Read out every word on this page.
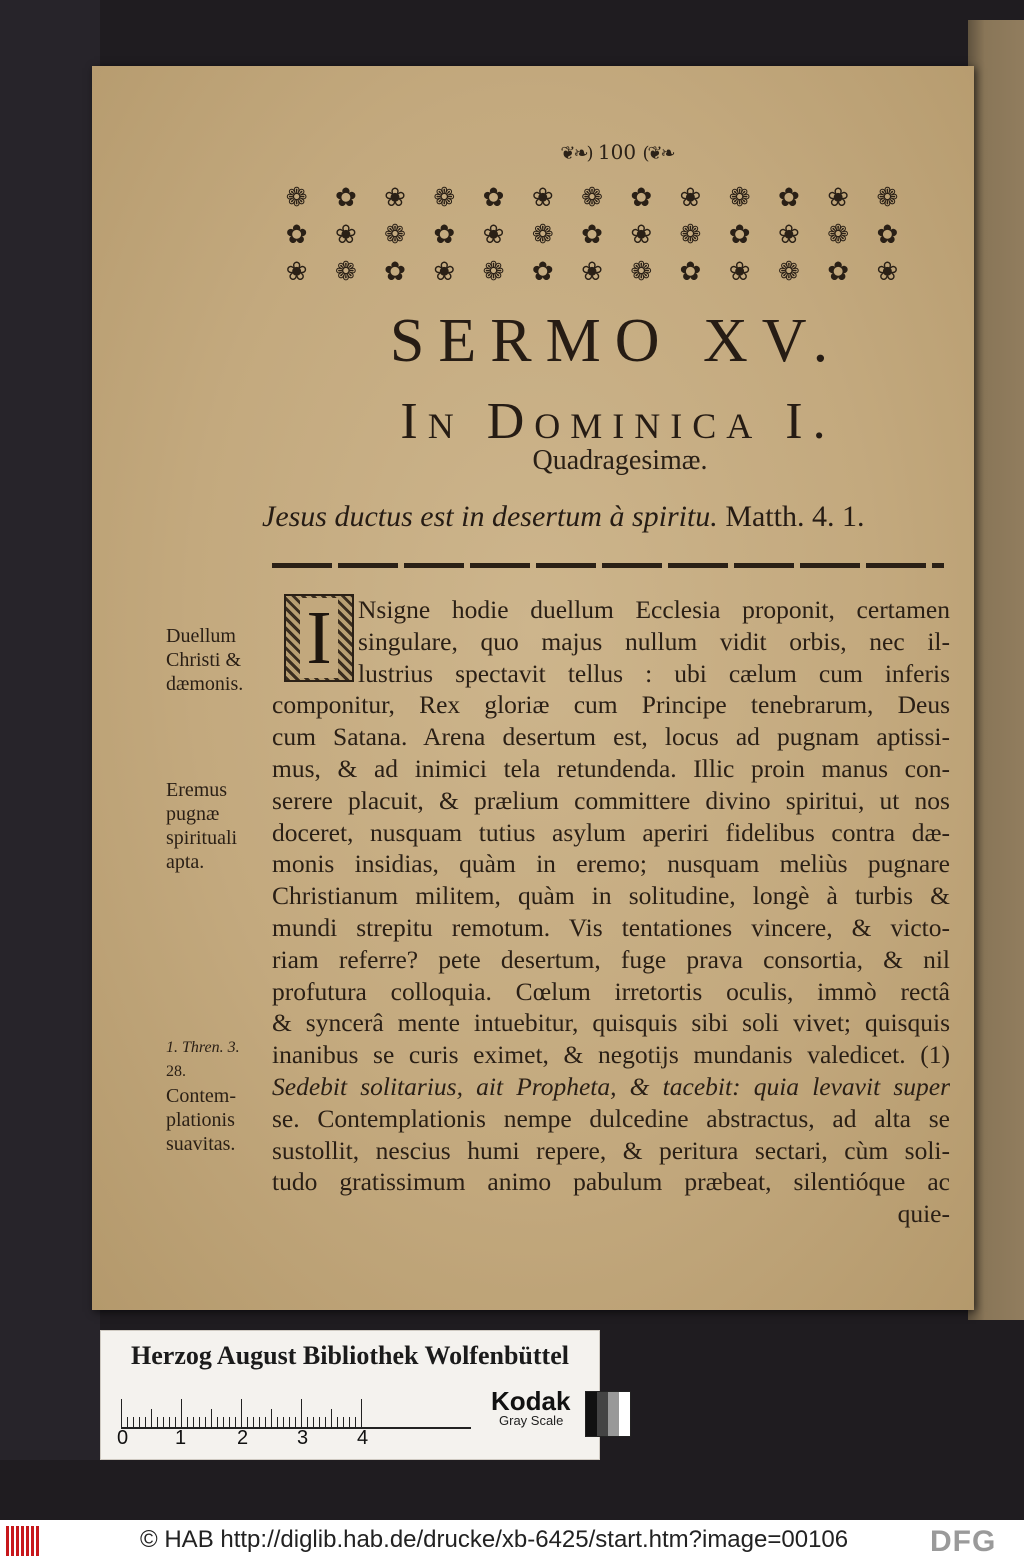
❦❧) 100 (❦❧
❁	✿	❀	❁	✿	❀	❁	✿	❀	❁	✿	❀	❁
✿	❀	❁	✿	❀	❁	✿	❀	❁	✿	❀	❁	✿
❀	❁	✿	❀	❁	✿	❀	❁	✿	❀	❁	✿	❀
SERMO XV.
In Dominica I.
Quadragesimæ.
Jesus ductus est in desertum à spiritu. Matth. 4. 1.
Nsigne hodie duellum Ecclesia proponit, certamen
singulare, quo majus nullum vidit orbis, nec il-
lustrius spectavit tellus : ubi cælum cum inferis
componitur, Rex gloriæ cum Principe tenebrarum, Deus
cum Satana. Arena desertum est, locus ad pugnam aptissi-
mus, & ad inimici tela retundenda. Illic proin manus con-
serere placuit, & prælium committere divino spiritui, ut nos
doceret, nusquam tutius asylum aperiri fidelibus contra dæ-
monis insidias, quàm in eremo; nusquam meliùs pugnare
Christianum militem, quàm in solitudine, longè à turbis &
mundi strepitu remotum. Vis tentationes vincere, & victo-
riam referre? pete desertum, fuge prava consortia, & nil
profutura colloquia. Cœlum irretortis oculis, immò rectâ
& syncerâ mente intuebitur, quisquis sibi soli vivet; quisquis
inanibus se curis eximet, & negotijs mundanis valedicet. (1)
Sedebit solitarius, ait Propheta, & tacebit: quia levavit super
se. Contemplationis nempe dulcedine abstractus, ad alta se
sustollit, nescius humi repere, & peritura sectari, cùm soli-
tudo gratissimum animo pabulum præbeat, silentióque ac
quie-
I
Duellum
Christi &
dæmonis.
Eremus
pugnæ
spirituali
apta.
1. Thren. 3.
28.
Contem-
plationis
suavitas.
Herzog August Bibliothek Wolfenbüttel
0 1	2 3 4
Kodak
Gray Scale
© HAB http://diglib.hab.de/drucke/xb-6425/start.htm?image=00106	DFG
